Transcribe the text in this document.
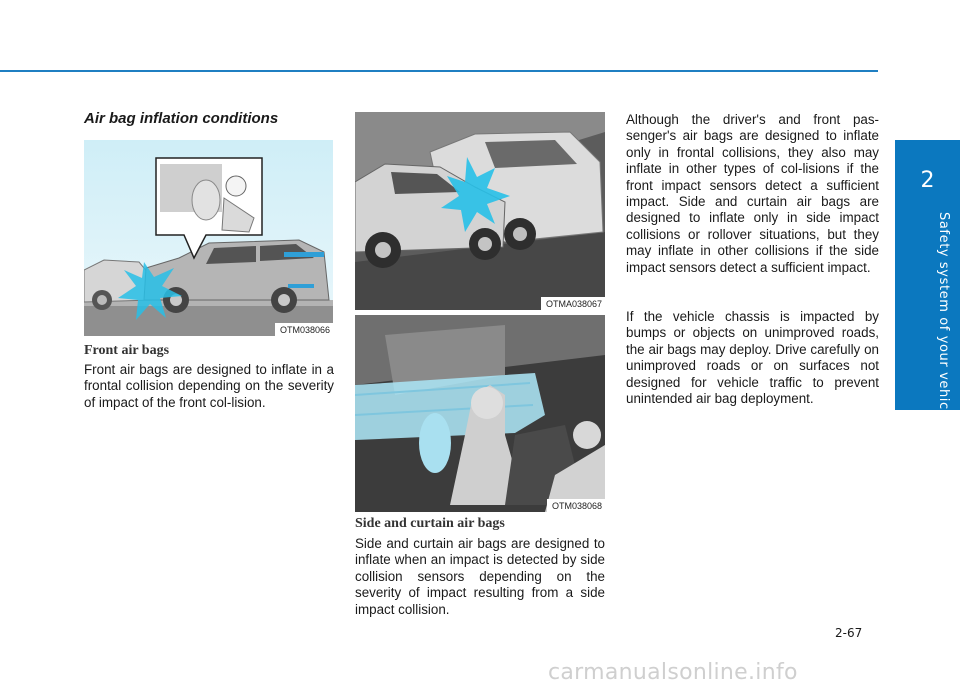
2
Safety system of your vehicle
Air bag inflation conditions
OTM038066
OTMA038067
OTM038068
Front air bags

Front air bags are designed to inflate in a frontal collision depending on the severity of impact of the front col-lision.

Side and curtain air bags

Side and curtain air bags are designed to inflate when an impact is detected by side collision sensors depending on the severity of impact resulting from a side impact collision.

Although the driver's and front pas-senger's air bags are designed to inflate only in frontal collisions, they also may inflate in other types of col-lisions if the front impact sensors detect a sufficient impact. Side and curtain air bags are designed to inflate only in side impact collisions or rollover situations, but they may inflate in other collisions if the side impact sensors detect a sufficient impact.

If the vehicle chassis is impacted by bumps or objects on unimproved roads, the air bags may deploy. Drive carefully on unimproved roads or on surfaces not designed for vehicle traffic to prevent unintended air bag deployment.

2-67
carmanualsonline.info
